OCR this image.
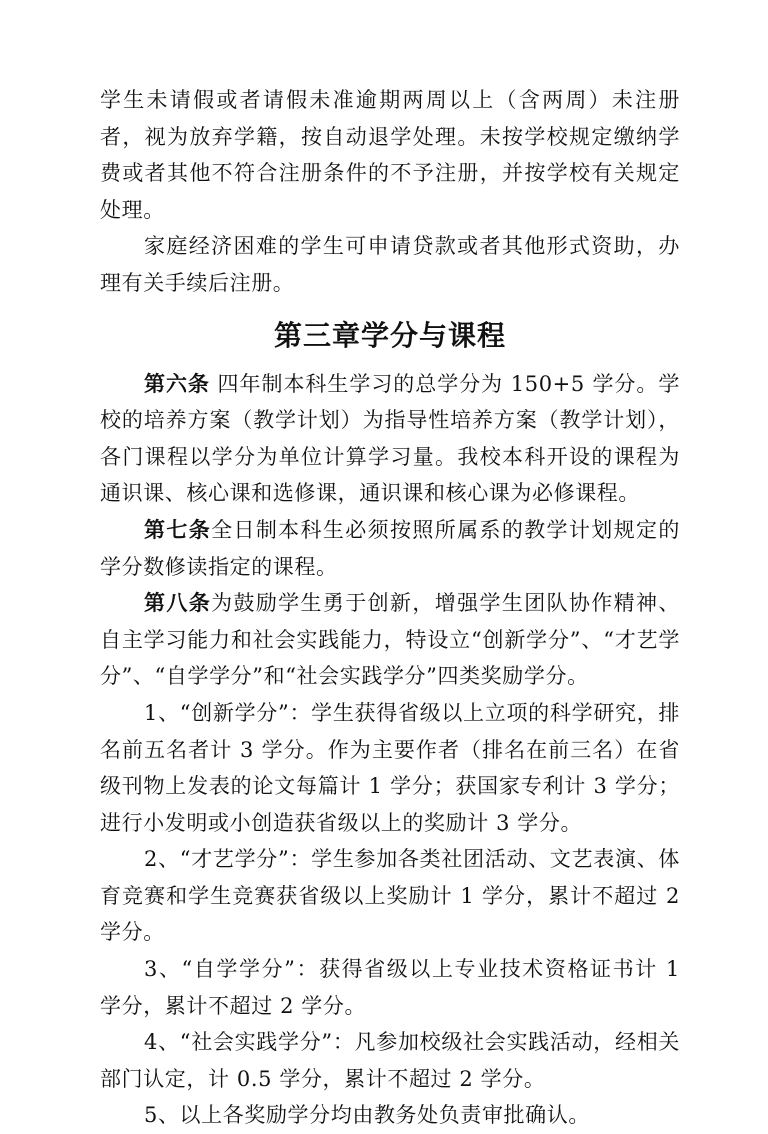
学生未请假或者请假未准逾期两周以上（含两周）未注册者，视为放弃学籍，按自动退学处理。未按学校规定缴纳学费或者其他不符合注册条件的不予注册，并按学校有关规定处理。

家庭经济困难的学生可申请贷款或者其他形式资助，办理有关手续后注册。

第三章学分与课程

第六条 四年制本科生学习的总学分为 150+5 学分。学校的培养方案（教学计划）为指导性培养方案（教学计划），各门课程以学分为单位计算学习量。我校本科开设的课程为通识课、核心课和选修课，通识课和核心课为必修课程。

第七条全日制本科生必须按照所属系的教学计划规定的学分数修读指定的课程。

第八条为鼓励学生勇于创新，增强学生团队协作精神、自主学习能力和社会实践能力，特设立“创新学分”、“才艺学分”、“自学学分”和“社会实践学分”四类奖励学分。

1、“创新学分”：学生获得省级以上立项的科学研究，排名前五名者计 3 学分。作为主要作者（排名在前三名）在省级刊物上发表的论文每篇计 1 学分；获国家专利计 3 学分；进行小发明或小创造获省级以上的奖励计 3 学分。

2、“才艺学分”：学生参加各类社团活动、文艺表演、体育竞赛和学生竞赛获省级以上奖励计 1 学分，累计不超过 2 学分。

3、“自学学分”：获得省级以上专业技术资格证书计 1 学分，累计不超过 2 学分。

4、“社会实践学分”：凡参加校级社会实践活动，经相关部门认定，计 0.5 学分，累计不超过 2 学分。

5、以上各奖励学分均由教务处负责审批确认。
